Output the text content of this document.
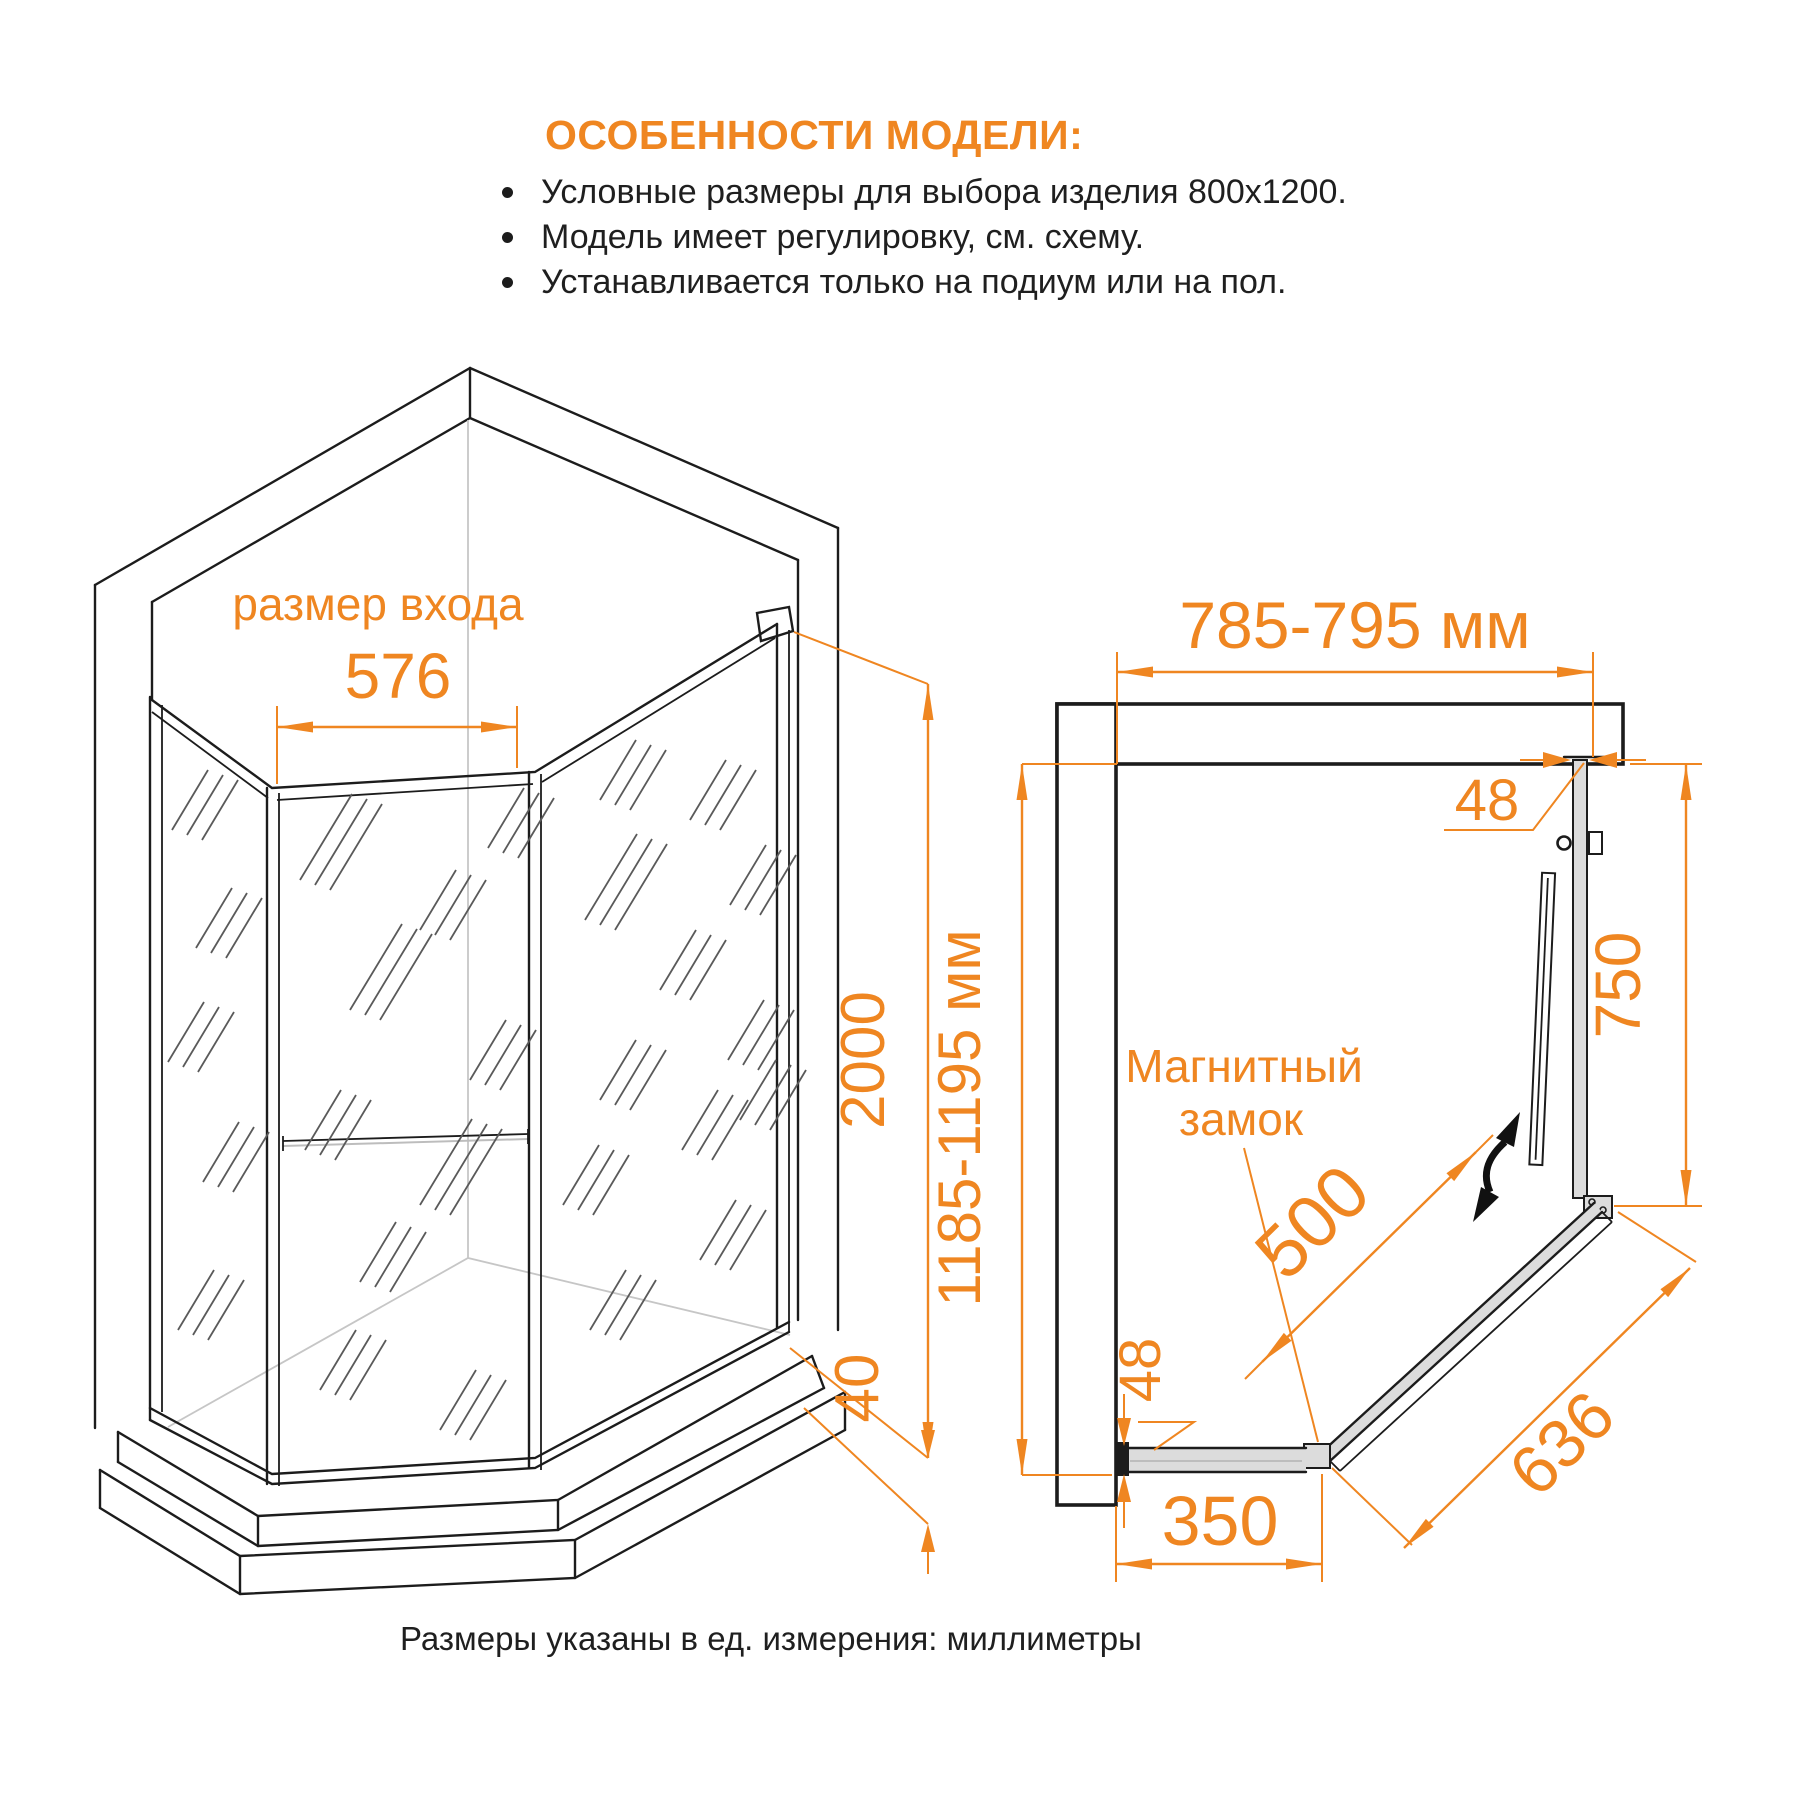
ОСОБЕННОСТИ МОДЕЛИ:
Условные размеры для выбора изделия 800х1200.
Модель имеет регулировку, см. схему.
Устанавливается только на подиум или на пол.
размер входа
576
2000
40
785-795 мм
48
750
1185-1195 мм	Магнитный
замок
500
636
350
48
Размеры указаны в ед. измерения: миллиметры
